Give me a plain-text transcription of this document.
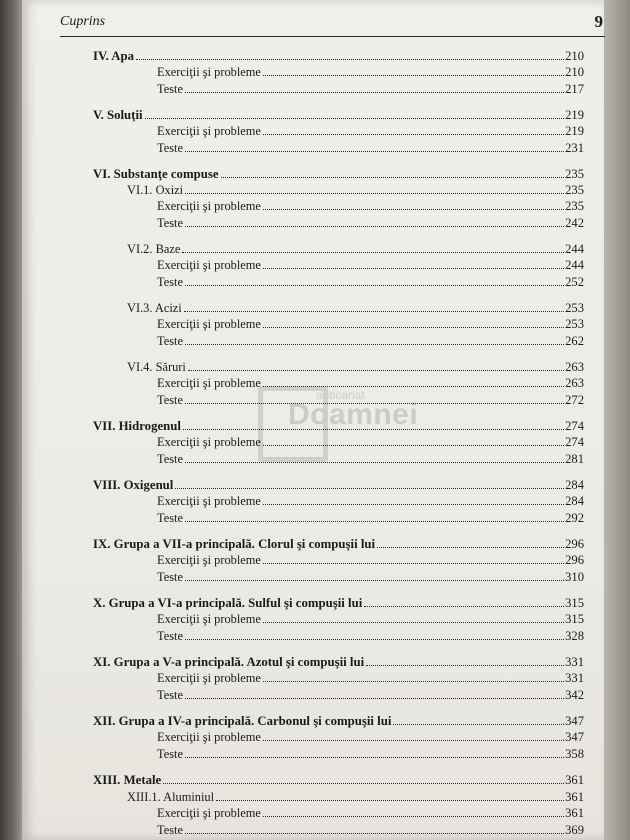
Cuprins	9
anticariat
Doamnei
IV. Apa	210
Exerciţii şi probleme	210
Teste	217
V. Soluţii	219
Exerciţii şi probleme	219
Teste	231
VI. Substanţe compuse	235
VI.1. Oxizi	235
Exerciţii şi probleme	235
Teste	242
VI.2. Baze	244
Exerciţii şi probleme	244
Teste	252
VI.3. Acizi	253
Exerciţii şi probleme	253
Teste	262
VI.4. Săruri	263
Exerciţii şi probleme	263
Teste	272
VII. Hidrogenul	274
Exerciţii şi probleme	274
Teste	281
VIII. Oxigenul	284
Exerciţii şi probleme	284
Teste	292
IX. Grupa a VII-a principală. Clorul şi compuşii lui	296
Exerciţii şi probleme	296
Teste	310
X. Grupa a VI-a principală. Sulful şi compuşii lui	315
Exerciţii şi probleme	315
Teste	328
XI. Grupa a V-a principală. Azotul şi compuşii lui	331
Exerciţii şi probleme	331
Teste	342
XII. Grupa a IV-a principală. Carbonul şi compuşii lui	347
Exerciţii şi probleme	347
Teste	358
XIII. Metale	361
XIII.1. Aluminiul	361
Exerciţii şi probleme	361
Teste	369
